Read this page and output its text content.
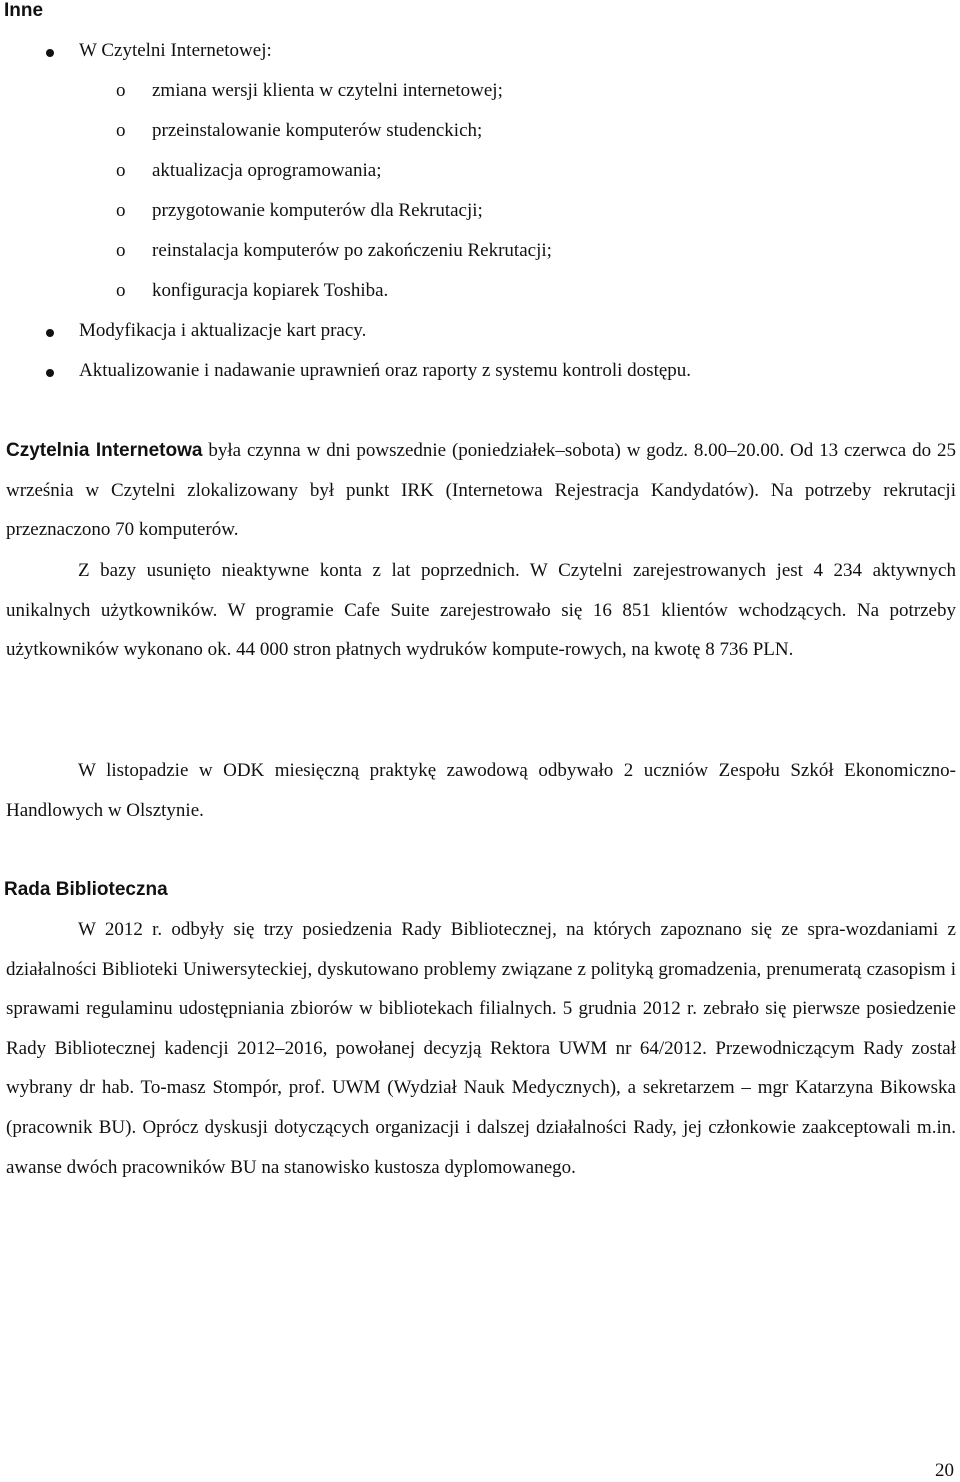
Inne
W Czytelni Internetowej:
o zmiana wersji klienta w czytelni internetowej;
o przeinstalowanie komputerów studenckich;
o aktualizacja oprogramowania;
o przygotowanie komputerów dla Rekrutacji;
o reinstalacja komputerów po zakończeniu Rekrutacji;
o konfiguracja kopiarek Toshiba.
Modyfikacja i aktualizacje kart pracy.
Aktualizowanie i nadawanie uprawnień oraz raporty z systemu kontroli dostępu.

Czytelnia Internetowa była czynna w dni powszednie (poniedziałek–sobota) w godz. 8.00–20.00. Od 13 czerwca do 25 września w Czytelni zlokalizowany był punkt IRK (Internetowa Rejestracja Kandydatów). Na potrzeby rekrutacji przeznaczono 70 komputerów.

Z bazy usunięto nieaktywne konta z lat poprzednich. W Czytelni zarejestrowanych jest 4 234 aktywnych unikalnych użytkowników. W programie Cafe Suite zarejestrowało się 16 851 klientów wchodzących. Na potrzeby użytkowników wykonano ok. 44 000 stron płatnych wydruków kompute-rowych, na kwotę 8 736 PLN.

W listopadzie w ODK miesięczną praktykę zawodową odbywało 2 uczniów Zespołu Szkół Ekonomiczno-Handlowych w Olsztynie.

Rada Biblioteczna

W 2012 r. odbyły się trzy posiedzenia Rady Bibliotecznej, na których zapoznano się ze spra-wozdaniami z działalności Biblioteki Uniwersyteckiej, dyskutowano problemy związane z polityką gromadzenia, prenumeratą czasopism i sprawami regulaminu udostępniania zbiorów w bibliotekach filialnych. 5 grudnia 2012 r. zebrało się pierwsze posiedzenie Rady Bibliotecznej kadencji 2012–2016, powołanej decyzją Rektora UWM nr 64/2012. Przewodniczącym Rady został wybrany dr hab. To-masz Stompór, prof. UWM (Wydział Nauk Medycznych), a sekretarzem – mgr Katarzyna Bikowska (pracownik BU). Oprócz dyskusji dotyczących organizacji i dalszej działalności Rady, jej członkowie zaakceptowali m.in. awanse dwóch pracowników BU na stanowisko kustosza dyplomowanego.

20
